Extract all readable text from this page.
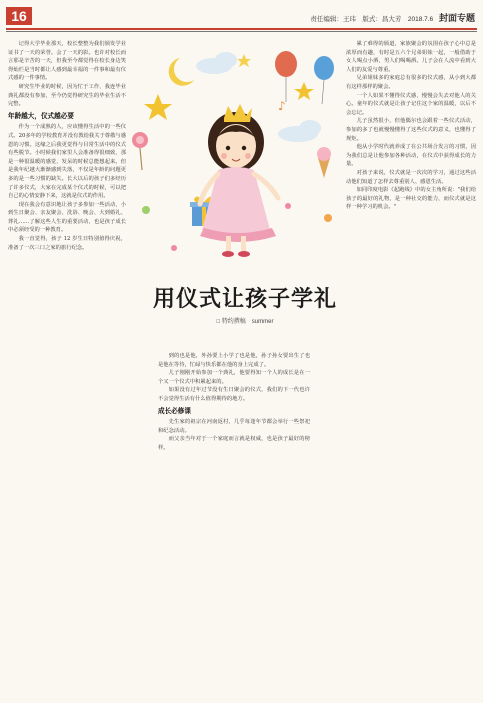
16	责任编辑：王玮　版式：昌大芳　2018.7.6 封面专题

记得大学毕业那天，校长整整为我们颁发学业证书了一天的荣誉。会了一天的影。也许对校长而言那是辛苦的一天，但我至今都觉得在校长身边笑得灿烂是当时都让人感到最幸福的一件事和最有仪式感的一件事情。

研究生毕业的时候，因为忙于工作，我连毕业典礼都没有参加，至今仍觉得研究生的毕业生活不完整。

年龄越大，仪式越必要

作为一个成熟的人，应该懂得生活中的一些仪式。20多年的学校教育并没有教给我关于尊敬与感恩的习惯。这缘之后我更觉得与目常生活中的仪式有些脱节。小时候我们家里人会准备得很细致，那是一种很温暖的感觉，发呆的时候总能想起来。但是我年纪越大渐渐感到失落，不仅是年龄的问题更多的是一些习惯的缺失。长大以后的孩子们多经历了许多仪式，大家在完成某个仪式的时候，可以把自己的心情安静下来，这就是仪式的作用。

现在我会有意识地让孩子多参加一些活动，小到生日聚会、亲友聚会、洗浴、晚会、大到婚礼、葬礼……了解这些人生的重要活动，也是孩子成长中必须经受的一种教育。

我一直觉得，孩子 12 岁生日特别值得庆祝，准备了一次三口之家的旅行纪念。

♪
用仪式让孩子学礼
□ 特约撰稿　summer

到的也是他，外孙要上小学了也是他，孙子孙女要出生了也是他在等待，忙碌与快乐都在他的身上完成了。

儿子刚刚开始参加一个典礼，他要得知一个人的成长是在一个又一个仪式中积累起来的。

如果没有过年过节没有生日聚会的仪式，我们的下一代也许不会觉得生活有什么值得期待的地方。

成长必修课

先生家的祖宗在河南返村，几乎每逢年节都会举行一些祭祀和纪念活动。

而父亲当年对于一个家庭而言就是权威，也是孩子最好的榜样。

累了难得的颁道，家族聚会的氛围在孩子心中总是浓厚而有趣，有时是五六个兄弟姐妹一起，一般借助于女人喝点小酒，男人们喝喝酒。儿子会在人流中看到大人们的友爱与尊重。

兄弟姐妹多的家庭总有很多的仪式感，从小到大都有这样那样的聚会。

一个人如果不懂得仪式感，慢慢会失去对他人的关心。童年的仪式就是让孩子记住这个家的温暖，以后不会忘记。

儿子虽然很小，但他偶尔也会跟着一些仪式活动，参加的多了也就慢慢懂得了这些仪式的意义，也懂得了规矩。

他从小学时代就养成了在公共场合发言的习惯，因为我们总是让他参加各种活动，在仪式中获得成长的力量。

对孩子来说，仪式就是一次次的学习，通过这些活动他们知道了怎样去尊重别人、感恩生活。

如同印度电影《起跑线》中的女主角所说："我们给孩子的最好的礼物，是一种社交的能力，而仪式就是这样一种学习的机会。"
